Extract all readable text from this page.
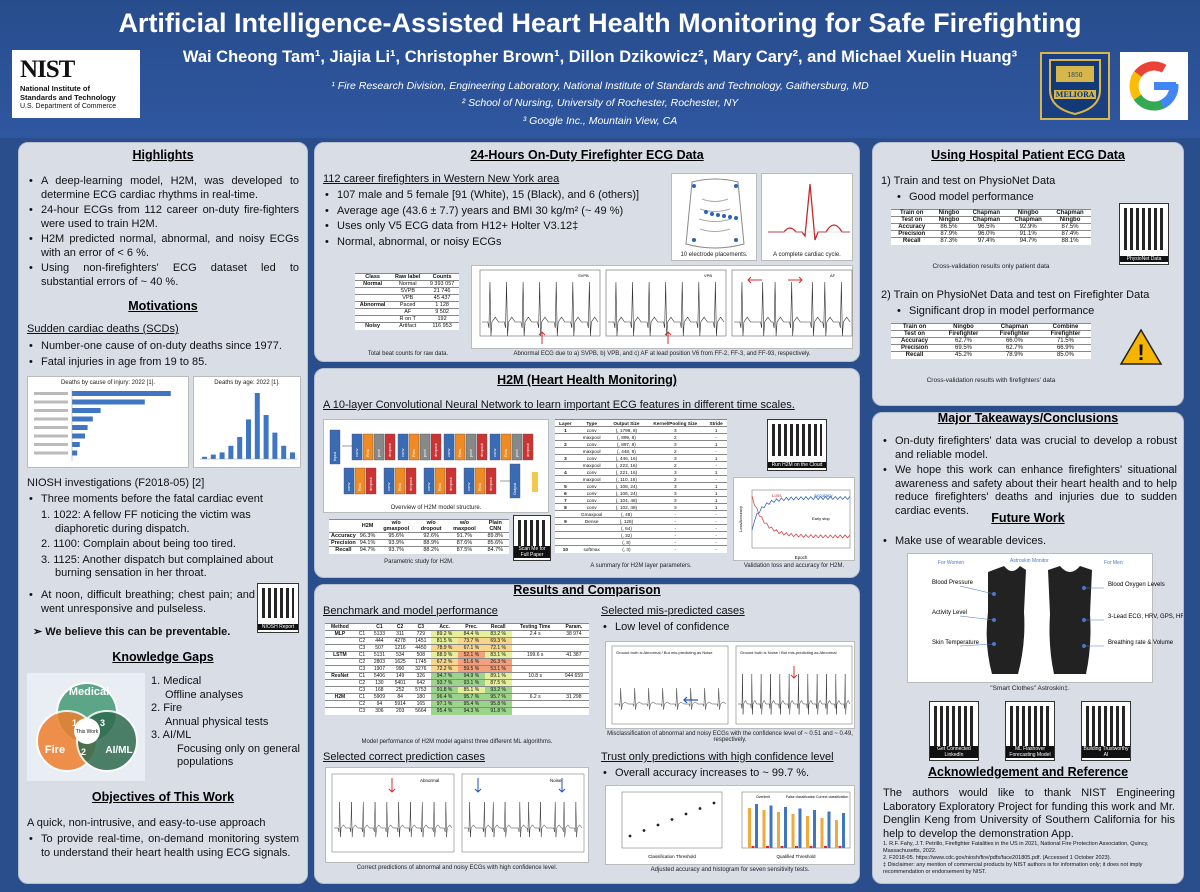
Artificial Intelligence-Assisted Heart Health Monitoring for Safe Firefighting
Wai Cheong Tam¹, Jiajia Li¹, Christopher Brown¹, Dillon Dzikowicz², Mary Cary², and Michael Xuelin Huang³
¹ Fire Research Division, Engineering Laboratory, National Institute of Standards and Technology, Gaithersburg, MD
² School of Nursing, University of Rochester, Rochester, NY
³ Google Inc., Mountain View, CA
NIST
National Institute of
Standards and Technology
U.S. Department of Commerce
1850
MELIORA
Highlights
• A deep-learning model, H2M, was developed to determine ECG cardiac rhythms in real-time.
• 24-hour ECGs from 112 career on-duty fire-fighters were used to train H2M.
• H2M predicted normal, abnormal, and noisy ECGs with an error of < 6 %.
• Using non-firefighters' ECG dataset led to substantial errors of ~ 40 %.
Motivations
Sudden cardiac deaths (SCDs)
• Number-one cause of on-duty deaths since 1977.
• Fatal injuries in age from 19 to 85.
Deaths by cause of injury: 2022 [1].	Deaths by age: 2022 [1].
NIOSH investigations (F2018-05) [2]
• Three moments before the fatal cardiac event
1. 1022: A fellow FF noticing the victim was diaphoretic during dispatch.
2. 1100: Complain about being too tired.
3. 1125: Another dispatch but complained about burning sensation in her throat.
• At noon, difficult breathing; chest pain; and went unresponsive and pulseless.
NIOSH Report
➢ We believe this can be preventable.
Knowledge Gaps
Medical
Fire	AI/ML
This Work
1
2
3
1. Medical
Offline analyses
2. Fire
Annual physical tests
3. AI/ML
Focusing only on general populations
Objectives of This Work
A quick, non-intrusive, and easy-to-use approach
• To provide real-time, on-demand monitoring system to understand their heart health using ECG signals.
24-Hours On-Duty Firefighter ECG Data
112 career firefighters in Western New York area
• 107 male and 5 female [91 (White), 15 (Black), and 6 (others)]
• Average age (43.6 ± 7.7) years and BMI 30 kg/m² (~ 49 %)
• Uses only V5 ECG data from H12+ Holter V3.12‡
• Normal, abnormal, or noisy ECGs
10 electrode placements.	A complete cardiac cycle.
Class	Raw label	Counts
Normal	Normal	9 393 057
	SVPB	21 746
	VPB	45 437
Abnormal	Paced	1 128
	AF	9 502
	R on T	192
Noisy	Artifact	116 953
Total beat counts for raw data.
SVPB	VPB	AF
Abnormal ECG due to a) SVPB, b) VPB, and c) AF at lead position V6 from FF-2, FF-3, and FF-93, respectively.
H2M (Heart Health Monitoring)
A 10-layer Convolutional Neural Network to learn important ECG features in different time scales.
Input	conv Relu pool dropout conv Relu pool dropout conv Relu pool dropout conv Relu pool dropout
conv Relu dropout	conv Relu dropout	conv Relu dropout	conv Relu dropout	Output
Overview of H2M model structure.
	H2M	w/o gmaxpool	w/o dropout	w/o maxpool	Plain CNN
Accuracy	96.3%	95.6%	92.6%	91.7%	89.8%
Precision	94.1%	93.9%	88.9%	87.6%	85.6%
Recall	94.7%	93.7%	88.2%	87.5%	84.7%
Parametric study for H2M.
Scan Me for Full Paper
Layer	Type	Output Size	Kernel/Pooling Size	Stride
1	conv	(, 1798, 8)	3	1
	maxpool	(, 899, 8)	2	-
2	conv	(, 897, 8)	3	1
	maxpool	(, 448, 8)	2	-
3	conv	(, 446, 16)	3	1
	maxpool	(, 223, 16)	2	-
4	conv	(, 221, 16)	3	1
	maxpool	(, 110, 16)	2	-
5	conv	(, 108, 24)	3	1
6	conv	(, 106, 24)	3	1
7	conv	(, 104, 48)	3	1
8	conv	(, 102, 48)	3	1
	Gmaxpool	(, 48)	-	-
9	Dense	(, 128)	-	-
		(, 64)	-	-
		(, 32)	-	-
		(, 8)	-	-
10	softmax	(, 3)	-	-
A summary for H2M layer parameters.
Run H2M on the Cloud
Loss	Accuracy
Early stop
Epoch
Loss/Accuracy
Validation loss and accuracy for H2M.
Results and Comparison
Benchmark and model performance
Method		C1	C2	C3	Acc.	Prec.	Recall	Testing Time	Param.
MLP	C1	5133	311	729	89.2 %	84.4 %	83.2 %	2.4 s	38 974
	C2	444	4278	1451	81.5 %	73.7 %	69.3 %		
	C3	507	1216	4450	78.9 %	67.1 %	72.1 %		
LSTM	C1	5131	534	508	88.9 %	52.1 %	83.1 %	199.6 s	41 387
	C2	2803	1625	1745	67.2 %	51.6 %	26.3 %		
	C3	1907	990	3276	72.2 %	59.5 %	53.1 %		
ResNet	C1	5406	149	326	94.7 %	94.9 %	89.1 %	10.8 s	944 659
	C2	130	5401	642	93.7 %	93.1 %	87.5 %		
	C3	168	252	5753	91.8 %	85.1 %	93.2 %		
H2M	C1	5909	84	180	96.4 %	95.7 %	95.7 %	6.2 s	31 298
	C2	94	5914	165	97.1 %	95.4 %	95.8 %		
	C3	306	203	5664	95.4 %	94.3 %	91.8 %		
Model performance of H2M model against three different ML algorithms.
Selected correct prediction cases
Abnormal	Noise
Correct predictions of abnormal and noisy ECGs with high confidence level.
Selected mis-predicted cases
• Low level of confidence
Ground truth is Abnormal / But mis-predicting as Noise	Ground truth is Noise / But mis-predicting as Abnormal
Misclassification of abnormal and noisy ECGs with the confidence level of ~ 0.51 and ~ 0.49, respectively.
Trust only predictions with high confidence level
• Overall accuracy increases to ~ 99.7 %.
Classification Threshold	Qualified Threshold
Overlimit	False classification Correct classification
Adjusted accuracy and histogram for seven sensitivity tests.
Using Hospital Patient ECG Data
1) Train and test on PhysioNet Data
• Good model performance
Train on	Ningbo	Chapman	Ningbo	Chapman
Test on	Ningbo	Chapman	Chapman	Ningbo
Accuracy	86.5%	96.5%	92.9%	87.5%
Precision	87.9%	96.0%	91.1%	87.4%
Recall	87.3%	97.4%	94.7%	88.1%
Cross-validation results only patient data
PhysioNet Data
2) Train on PhysioNet Data and test on Firefighter Data
• Significant drop in model performance
Train on	Ningbo	Chapman	Combine
Test on	Firefighter	Firefighter	Firefighter
Accuracy	62.7%	66.0%	71.5%
Precision	69.5%	62.7%	66.9%
Recall	45.2%	78.9%	85.0%
Cross-validation results with firefighters' data
!
Major Takeaways/Conclusions
• On-duty firefighters' data was crucial to develop a robust and reliable model.
• We hope this work can enhance firefighters' situational awareness and safety about their heart health and to help reduce firefighters' deaths and injuries due to sudden cardiac events.
Future Work
• Make use of wearable devices.
For Women	Astroskin Monitor	For Men
Blood Pressure
Activity Level
Skin Temperature
Blood Oxygen Levels
3-Lead ECG, HRV, GPS, HR-Rest
Breathing rate & Volume
"Smart Clothes" Astroskin‡.
Get Connected LinkedIn
ML Flashover Forecasting Model
Building Trustworthy AI
Acknowledgement and Reference
The authors would like to thank NIST Engineering Laboratory Exploratory Project for funding this work and Mr. Denglin Keng from University of Southern California for his help to develop the demonstration App.
1. R.F. Fahy, J.T. Petrillo, Firefighter Fatalities in the US in 2021, National Fire Protection Association, Quincy, Massachusetts, 2022.
2. F2018-05. https://www.cdc.gov/niosh/fire/pdfs/face201805.pdf. (Accessed 1 October 2023).
‡ Disclaimer: any mention of commercial products by NIST authors is for information only; it does not imply recommendation or endorsement by NIST.
